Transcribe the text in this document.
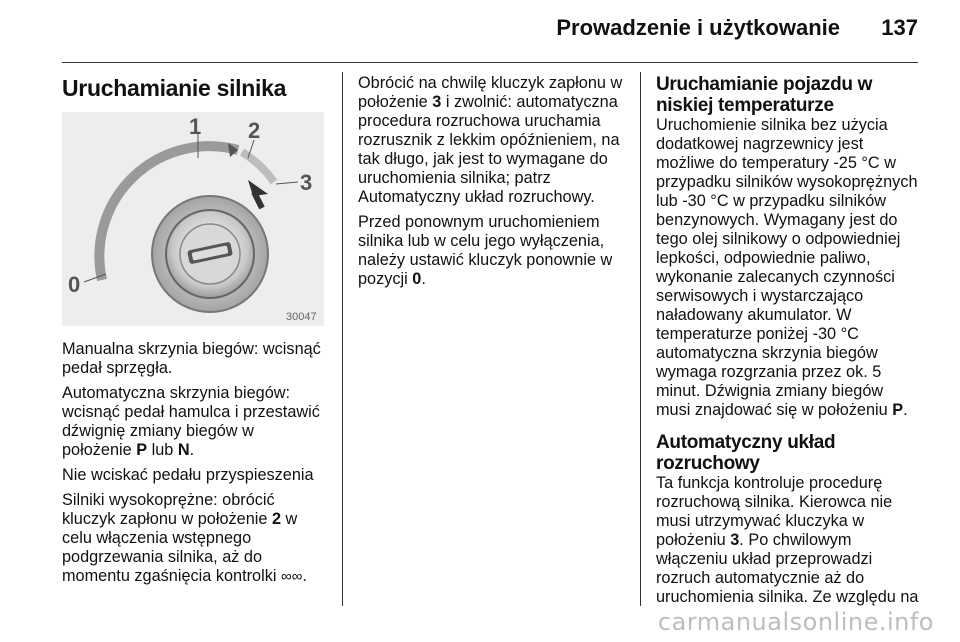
Prowadzenie i użytkowanie 137
Uruchamianie silnika
1 2
3
0
30047

Manualna skrzynia biegów: wcisnąć pedał sprzęgła.

Automatyczna skrzynia biegów: wcisnąć pedał hamulca i przestawić dźwignię zmiany biegów w położenie P lub N.

Nie wciskać pedału przyspieszenia

Silniki wysokoprężne: obrócić kluczyk zapłonu w położenie 2 w celu włączenia wstępnego podgrzewania silnika, aż do momentu zgaśnięcia kontrolki ∞∞.

Obrócić na chwilę kluczyk zapłonu w położenie 3 i zwolnić: automatyczna procedura rozruchowa uruchamia rozrusznik z lekkim opóźnieniem, na tak długo, jak jest to wymagane do uruchomienia silnika; patrz Automatyczny układ rozruchowy.

Przed ponownym uruchomieniem silnika lub w celu jego wyłączenia, należy ustawić kluczyk ponownie w pozycji 0.

Uruchamianie pojazdu w niskiej temperaturze

Uruchomienie silnika bez użycia dodatkowej nagrzewnicy jest możliwe do temperatury -25 °C w przypadku silników wysokoprężnych lub -30 °C w przypadku silników benzynowych. Wymagany jest do tego olej silnikowy o odpowiedniej lepkości, odpowiednie paliwo, wykonanie zalecanych czynności serwisowych i wystarczająco naładowany akumulator. W temperaturze poniżej -30 °C automatyczna skrzynia biegów wymaga rozgrzania przez ok. 5 minut. Dźwignia zmiany biegów musi znajdować się w położeniu P.

Automatyczny układ rozruchowy

Ta funkcja kontroluje procedurę rozruchową silnika. Kierowca nie musi utrzymywać kluczyka w położeniu 3. Po chwilowym włączeniu układ przeprowadzi rozruch automatycznie aż do uruchomienia silnika. Ze względu na

carmanualsonline.info
